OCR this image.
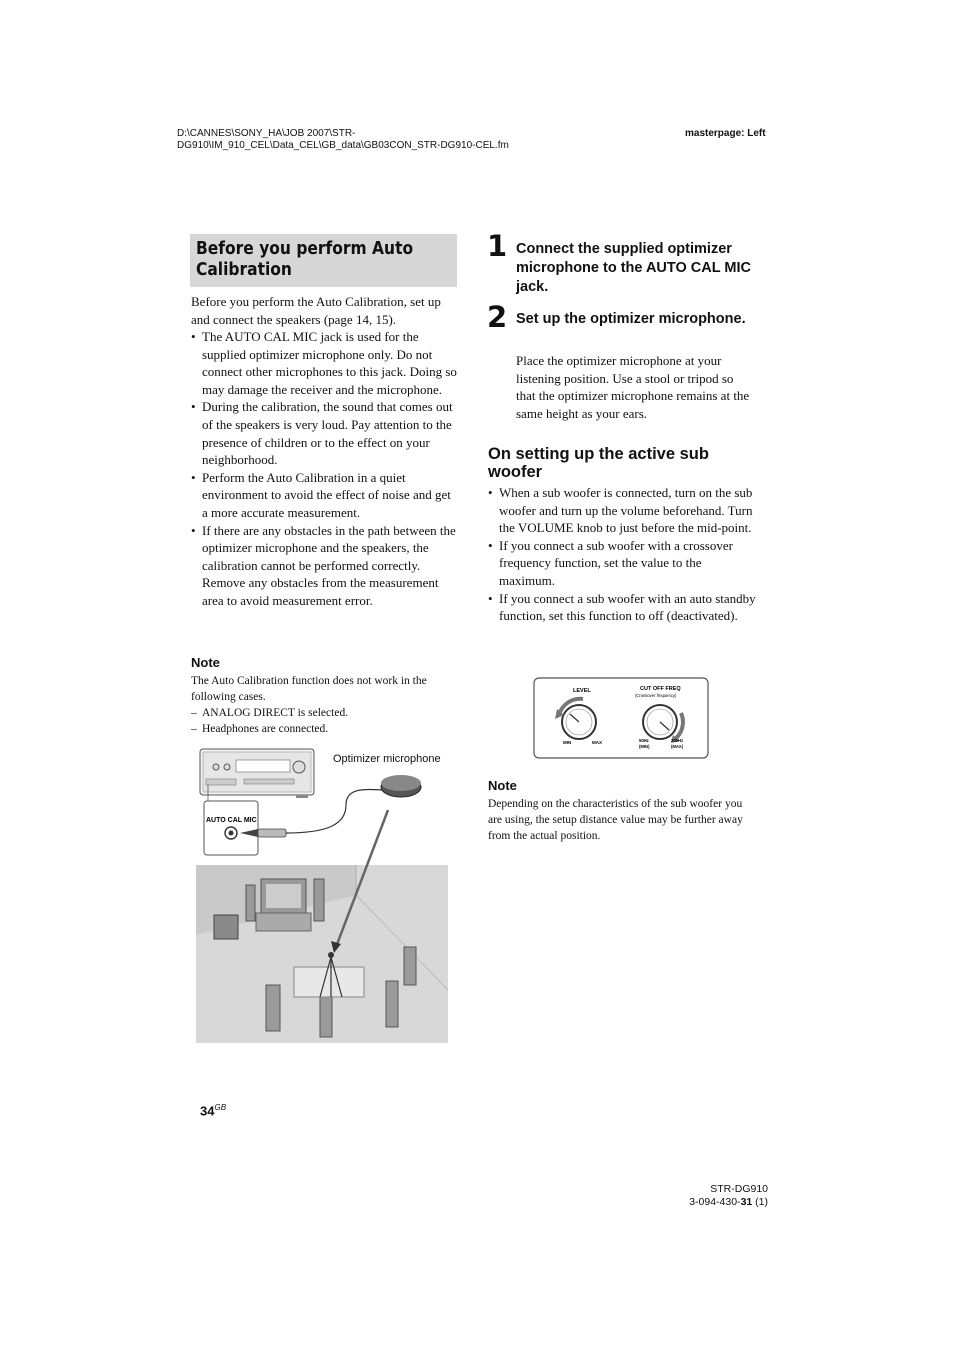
D:\CANNES\SONY_HA\JOB 2007\STR-
DG910\IM_910_CEL\Data_CEL\GB_data\GB03CON_STR-DG910-CEL.fm
masterpage: Left
Before you perform Auto Calibration
Before you perform the Auto Calibration, set up and connect the speakers (page 14, 15).
• The AUTO CAL MIC jack is used for the supplied optimizer microphone only. Do not connect other microphones to this jack. Doing so may damage the receiver and the microphone.
• During the calibration, the sound that comes out of the speakers is very loud. Pay attention to the presence of children or to the effect on your neighborhood.
• Perform the Auto Calibration in a quiet environment to avoid the effect of noise and get a more accurate measurement.
• If there are any obstacles in the path between the optimizer microphone and the speakers, the calibration cannot be performed correctly. Remove any obstacles from the measurement area to avoid measurement error.
Note
The Auto Calibration function does not work in the following cases.
– ANALOG DIRECT is selected.
– Headphones are connected.
AUTO CAL MIC
Optimizer microphone
$34^{GB}$
1 Connect the supplied optimizer microphone to the AUTO CAL MIC jack.
2 Set up the optimizer microphone.
Place the optimizer microphone at your listening position. Use a stool or tripod so that the optimizer microphone remains at the same height as your ears.
On setting up the active sub woofer
• When a sub woofer is connected, turn on the sub woofer and turn up the volume beforehand. Turn the VOLUME knob to just before the mid-point.
• If you connect a sub woofer with a crossover frequency function, set the value to the maximum.
• If you connect a sub woofer with an auto standby function, set this function to off (deactivated).
LEVEL
MIN	MAX
CUT OFF FREQ
(Crossover frequency)
50Hz
(MIN)
200Hz
(MAX)
Note
Depending on the characteristics of the sub woofer you are using, the setup distance value may be further away from the actual position.
STR-DG910
3-094-430-31 (1)
